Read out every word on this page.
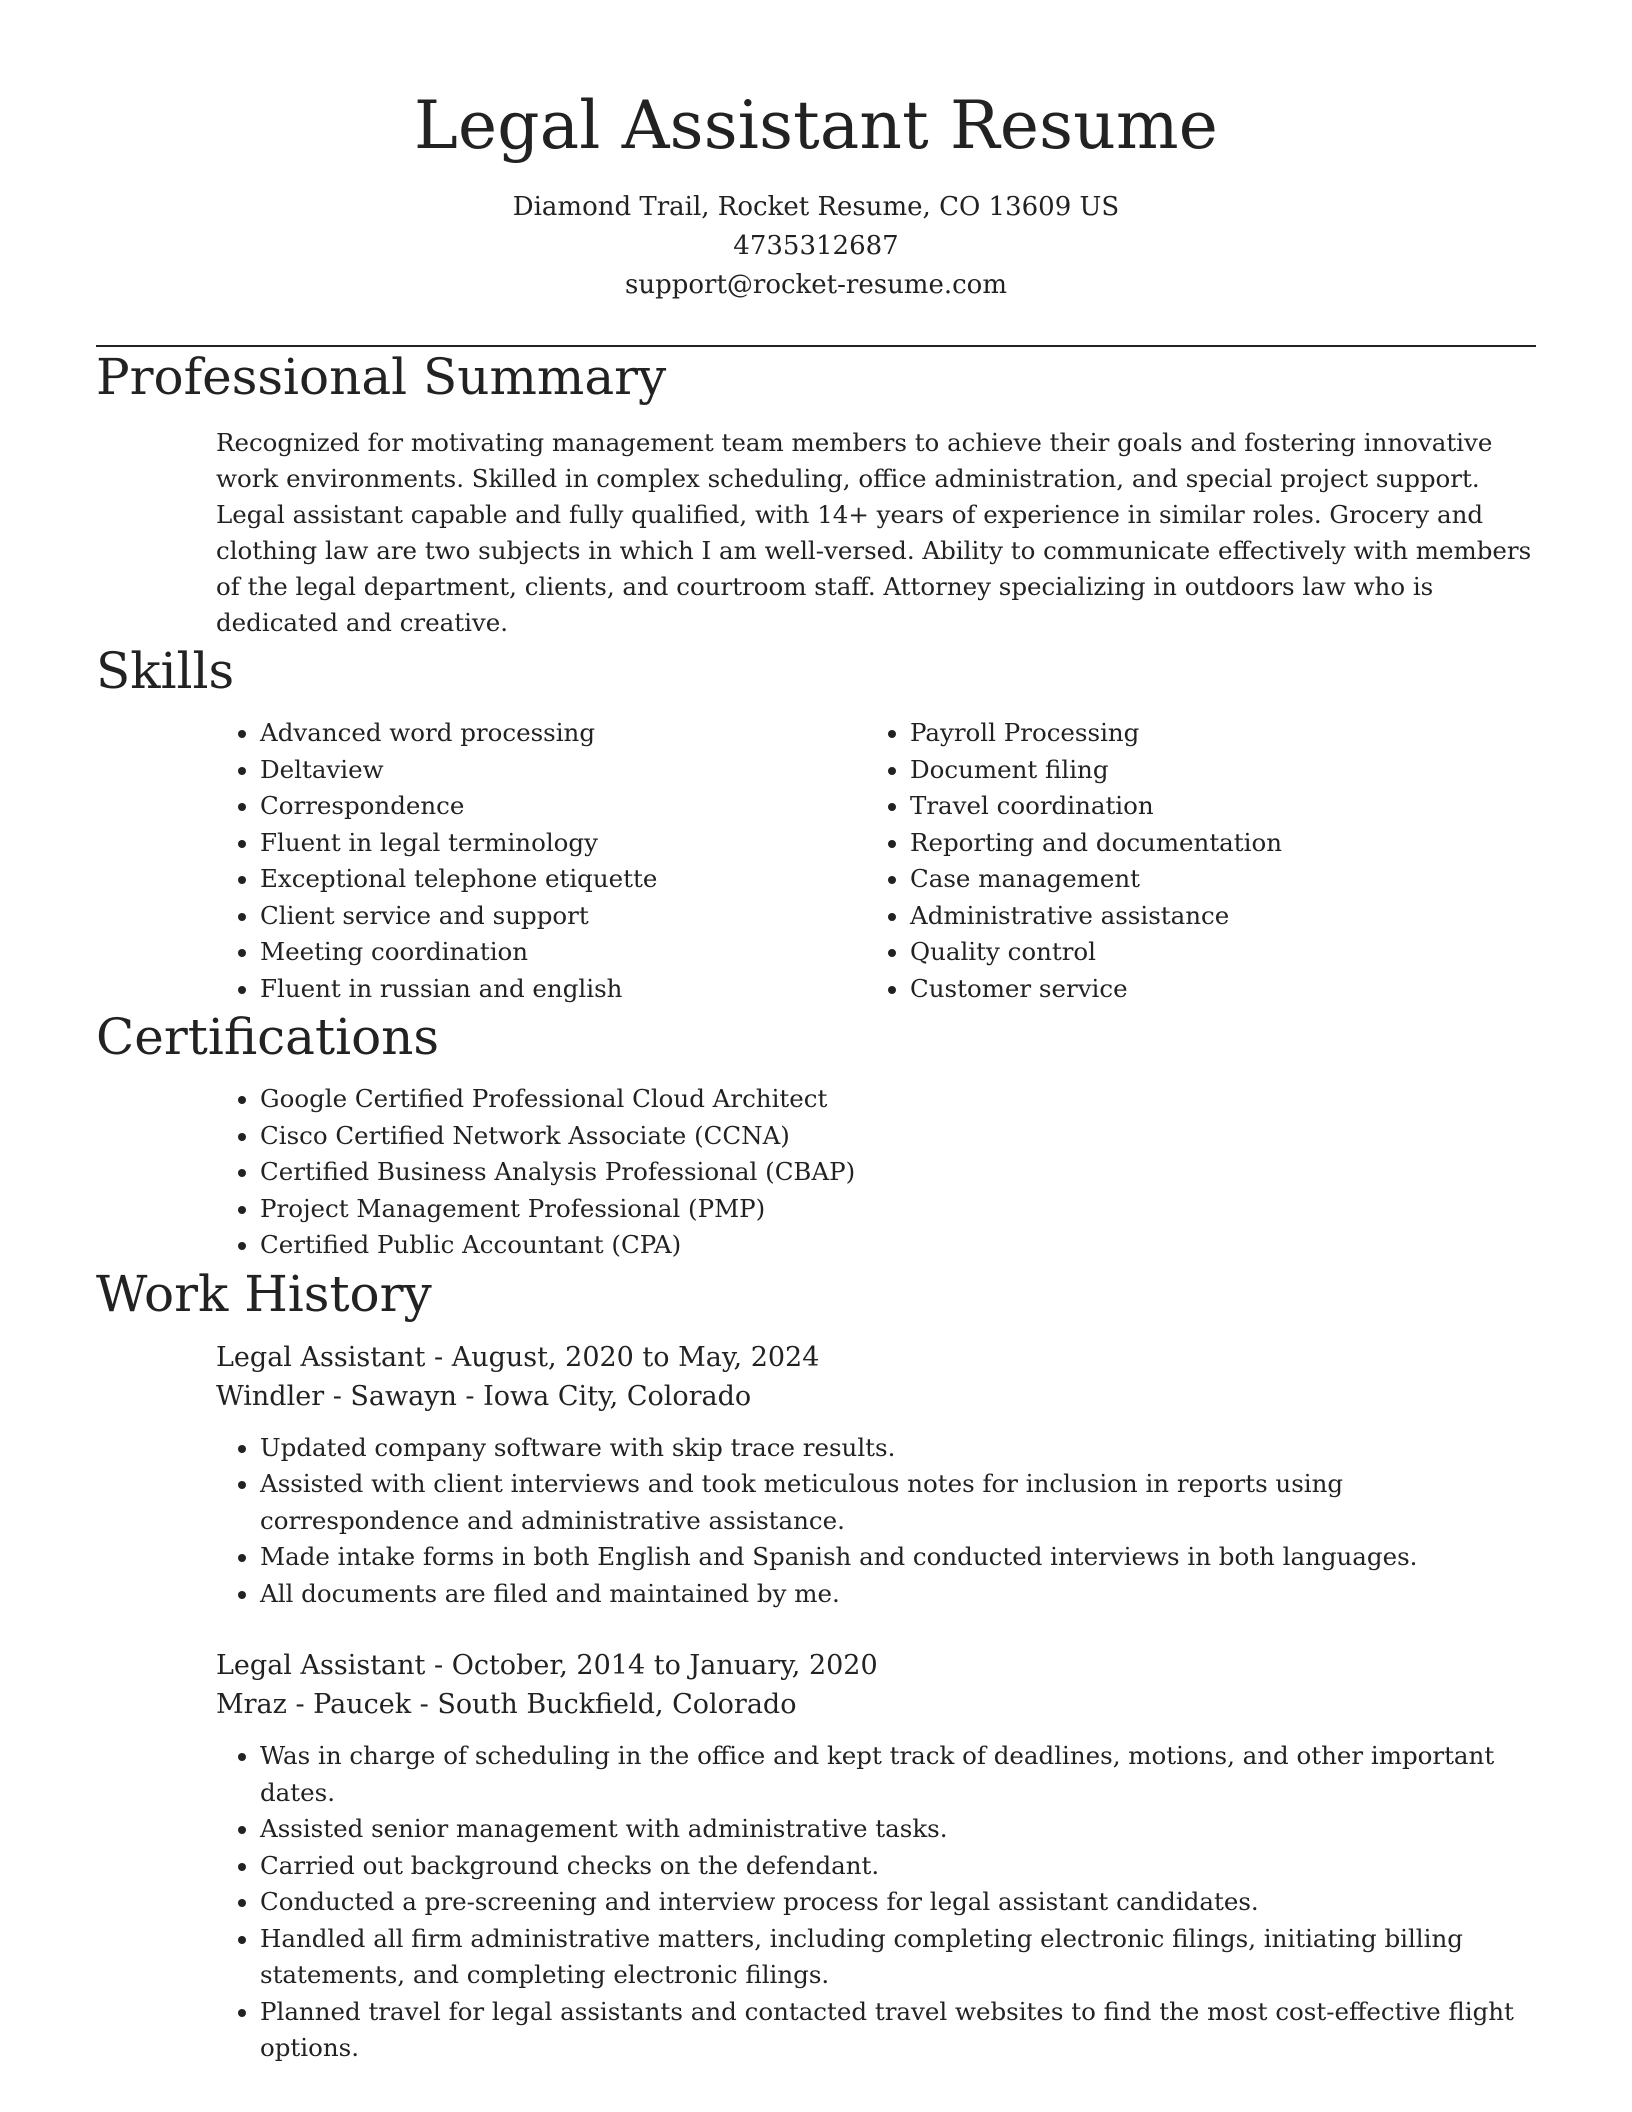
Legal Assistant Resume
Diamond Trail, Rocket Resume, CO 13609 US
4735312687
support@rocket-resume.com
Professional Summary

Recognized for motivating management team members to achieve their goals and fostering innovative work environments. Skilled in complex scheduling, office administration, and special project support. Legal assistant capable and fully qualified, with 14+ years of experience in similar roles. Grocery and clothing law are two subjects in which I am well-versed. Ability to communicate effectively with members of the legal department, clients, and courtroom staff. Attorney specializing in outdoors law who is dedicated and creative.

Skills
• Advanced word processing
• Deltaview
• Correspondence
• Fluent in legal terminology
• Exceptional telephone etiquette
• Client service and support
• Meeting coordination
• Fluent in russian and english
• Payroll Processing
• Document filing
• Travel coordination
• Reporting and documentation
• Case management
• Administrative assistance
• Quality control
• Customer service
Certifications
• Google Certified Professional Cloud Architect
• Cisco Certified Network Associate (CCNA)
• Certified Business Analysis Professional (CBAP)
• Project Management Professional (PMP)
• Certified Public Accountant (CPA)
Work History
Legal Assistant - August, 2020 to May, 2024
Windler - Sawayn - Iowa City, Colorado
• Updated company software with skip trace results.
• Assisted with client interviews and took meticulous notes for inclusion in reports using correspondence and administrative assistance.
• Made intake forms in both English and Spanish and conducted interviews in both languages.
• All documents are filed and maintained by me.
Legal Assistant - October, 2014 to January, 2020
Mraz - Paucek - South Buckfield, Colorado
• Was in charge of scheduling in the office and kept track of deadlines, motions, and other important dates.
• Assisted senior management with administrative tasks.
• Carried out background checks on the defendant.
• Conducted a pre-screening and interview process for legal assistant candidates.
• Handled all firm administrative matters, including completing electronic filings, initiating billing statements, and completing electronic filings.
• Planned travel for legal assistants and contacted travel websites to find the most cost-effective flight options.
